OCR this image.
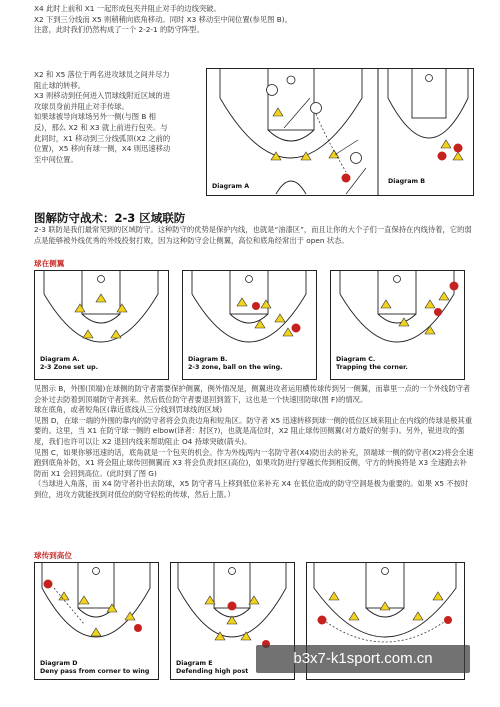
X4 此时上前和 X1 一起形成包夹并阻止对手的边线突破。

X2 下到三分线而 X5 则稍稍向底角移动。同时 X3 移动至中间位置(参见图 B)。

注意，此时我们仍然构成了一个 2-2-1 的防守阵型。

X2 和 X5 落位于两名进攻球员之间并尽力

阻止球的转移。

X3 则移动到任何进入罚球线附近区域的进

攻球员身前并阻止对手传球。

如果球被导向球场另外一侧(与图 B 相

反)，那么 X2 和 X3 就上前进行包夹。与

此同时，X1 移动到三分线弧顶(X2 之前的

位置)，X5 移向有球一侧，X4 则迅速移动

至中间位置。

Diagram A
Diagram B

图解防守战术：2-3 区域联防

2-3 联防是我们最常见到的区域防守。这种防守的优势是保护内线，也就是“油漆区”，而且让你的大个子们一直保持在内线待着，它的弱点是能够被外线优秀的外线投射打败，因为这种防守会让侧翼，高位和底角经常出于 open 状态。

球在侧翼

Diagram A.
2-3 Zone set up.
Diagram B.
2-3 zone, ball on the wing.
Diagram C.
Trapping the corner.

见图示 B，外围(顶端)在球侧的防守者需要保护侧翼，例外情况是，侧翼进攻者运用横传球传到另一侧翼，而靠里一点的一个外线防守者会补过去防着到顶端防守者到来。然后低位防守者要退回到篮下，这也是一个快速回防球(图 F)的情况。

球在底角，或者短角区(靠近底线从三分线到罚球线的区域)

见图 D，在球一端的外围的靠内的防守者将会负责边角和短角区。防守者 X5 迅速转移到球一侧的低位区域来阻止在内线的传球是极其重要的。这里，当 X1 在防守球一侧的 elbow(译者：肘区?)，也就是高位时，X2 阻止球传回侧翼(对方最好的射手)。另外，锐进攻的强度，我们也许可以让 X2 退回内线来帮助阻止 O4 持球突破(箭头)。

见图 C，如果你够迅速的话，底角就是一个包夹的机会。作为外线两内一名防守者(X4)防出去的补充，顶端球一侧的防守者(X2)将会全速跑到底角补防，X1 将会阻止球传回侧翼而 X3 将会负责封区(高位)，如果攻防进行穿越长传到相反侧，守方的转换将是 X3 全速跑去补防而 X1 会回到高位。(此时到了图 G)

（当球进入角落，而 X4 防守者扑出去防球，X5 防守者马上移到低位来补充 X4 在低位造成的防守空洞是极为重要的。如果 X5 不按时到位，进攻方就能找到对低位的防守轻松的传球，然后上篮。）

球传到高位

Diagram D
Deny pass from corner to wing
Diagram E
Defending high post
b3x7-k1sport.com.cn
